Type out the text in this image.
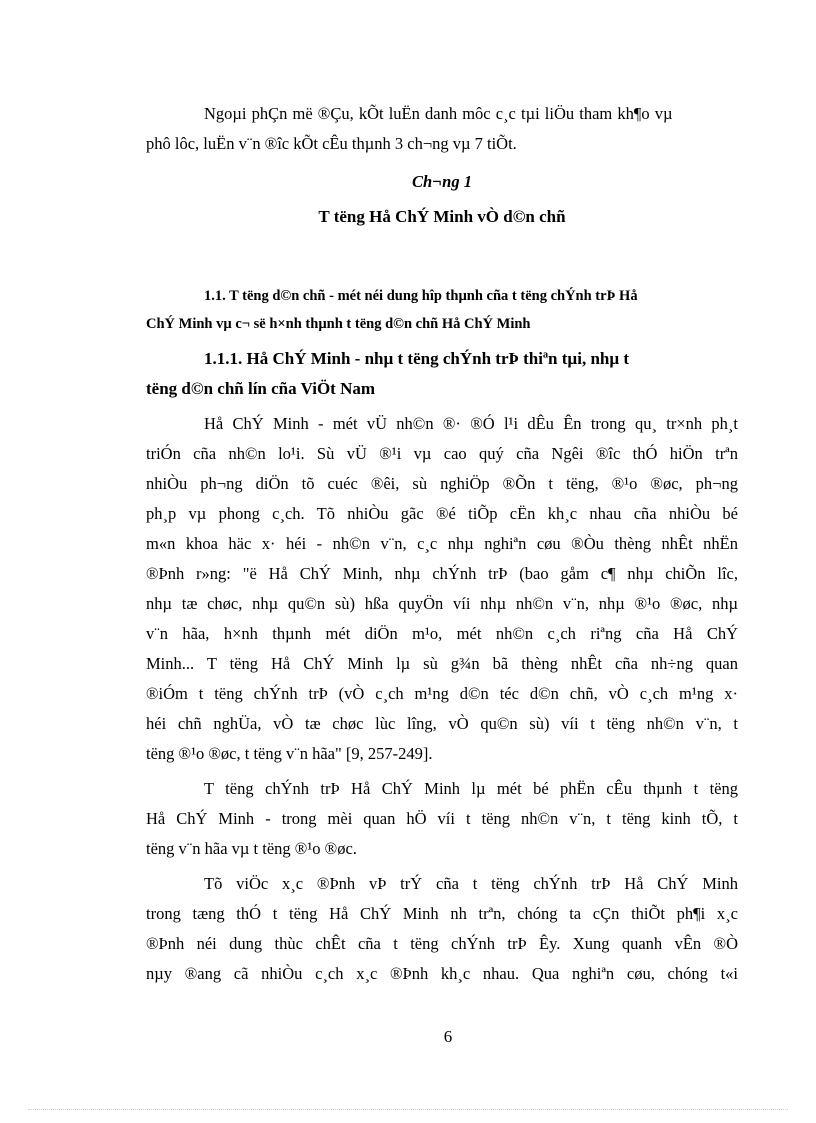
Ngoµi phÇn më ®Çu, kÕt luËn danh môc c¸c tµi liÖu tham kh¶o vµ
phô lôc, luËn v¨n ®îc kÕt cÊu thµnh 3 ch¬ng vµ 7 tiÕt.
Ch¬ng 1
T tëng Hå ChÝ Minh vÒ d©n chñ
1.1. T tëng d©n chñ - mét néi dung hîp thµnh cña t tëng chÝnh trÞ Hå
ChÝ Minh vµ c¬ së h×nh thµnh t tëng d©n chñ Hå ChÝ Minh
1.1.1. Hå ChÝ Minh - nhµ t tëng chÝnh trÞ thiªn tµi, nhµ t
tëng d©n chñ lín cña ViÖt Nam
Hå ChÝ Minh - mét vÜ nh©n ®· ®Ó l¹i dÊu Ên trong qu¸ tr×nh ph¸t
triÓn cña nh©n lo¹i. Sù vÜ ®¹i vµ cao quý cña Ngêi ®îc thÓ hiÖn trªn
nhiÒu ph¬ng diÖn tõ cuéc ®êi, sù nghiÖp ®Õn t tëng, ®¹o ®øc, ph¬ng
ph¸p vµ phong c¸ch. Tõ nhiÒu gãc ®é tiÕp cËn kh¸c nhau cña nhiÒu bé
m«n khoa häc x· héi - nh©n v¨n, c¸c nhµ nghiªn cøu ®Òu thèng nhÊt nhËn
®Þnh r»ng: "ë Hå ChÝ Minh, nhµ chÝnh trÞ (bao gåm c¶ nhµ chiÕn lîc,
nhµ tæ chøc, nhµ qu©n sù) hßa quyÖn víi nhµ nh©n v¨n, nhµ ®¹o ®øc, nhµ
v¨n hãa, h×nh thµnh mét diÖn m¹o, mét nh©n c¸ch riªng cña Hå ChÝ
Minh... T tëng Hå ChÝ Minh lµ sù g¾n bã thèng nhÊt cña nh÷ng quan
®iÓm t tëng chÝnh trÞ (vÒ c¸ch m¹ng d©n téc d©n chñ, vÒ c¸ch m¹ng x·
héi chñ nghÜa, vÒ tæ chøc lùc lîng, vÒ qu©n sù) víi t tëng nh©n v¨n, t
tëng ®¹o ®øc, t tëng v¨n hãa" [9, 257-249].
T tëng chÝnh trÞ Hå ChÝ Minh lµ mét bé phËn cÊu thµnh t tëng
Hå ChÝ Minh - trong mèi quan hÖ víi t tëng nh©n v¨n, t tëng kinh tÕ, t
tëng v¨n hãa vµ t tëng ®¹o ®øc.
Tõ viÖc x¸c ®Þnh vÞ trÝ cña t tëng chÝnh trÞ Hå ChÝ Minh
trong tæng thÓ t tëng Hå ChÝ Minh nh trªn, chóng ta cÇn thiÕt ph¶i x¸c
®Þnh néi dung thùc chÊt cña t tëng chÝnh trÞ Êy. Xung quanh vÊn ®Ò
nµy ®ang cã nhiÒu c¸ch x¸c ®Þnh kh¸c nhau. Qua nghiªn cøu, chóng t«i
6
